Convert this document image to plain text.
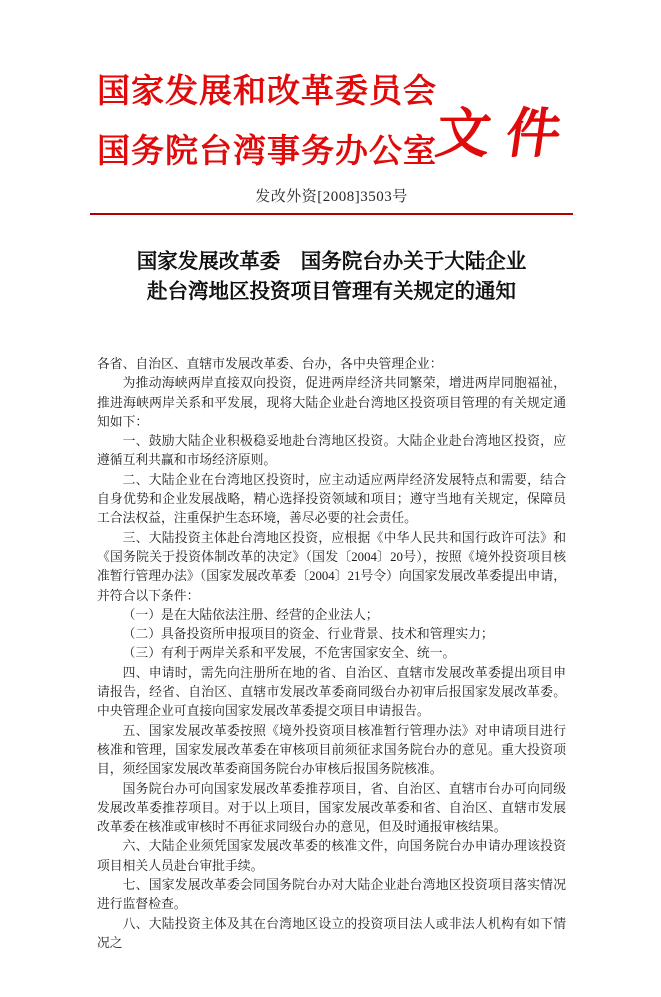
国家发展和改革委员会
国务院台湾事务办公室
文件
发改外资[2008]3503号
国家发展改革委　国务院台办关于大陆企业
赴台湾地区投资项目管理有关规定的通知

各省、自治区、直辖市发展改革委、台办，各中央管理企业：

为推动海峡两岸直接双向投资，促进两岸经济共同繁荣，增进两岸同胞福祉，推进海峡两岸关系和平发展，现将大陆企业赴台湾地区投资项目管理的有关规定通知如下：

一、鼓励大陆企业积极稳妥地赴台湾地区投资。大陆企业赴台湾地区投资，应遵循互利共赢和市场经济原则。

二、大陆企业在台湾地区投资时，应主动适应两岸经济发展特点和需要，结合自身优势和企业发展战略，精心选择投资领域和项目；遵守当地有关规定，保障员工合法权益，注重保护生态环境，善尽必要的社会责任。

三、大陆投资主体赴台湾地区投资，应根据《中华人民共和国行政许可法》和《国务院关于投资体制改革的决定》（国发〔2004〕20号），按照《境外投资项目核准暂行管理办法》（国家发展改革委〔2004〕21号令）向国家发展改革委提出申请，并符合以下条件：

（一）是在大陆依法注册、经营的企业法人；

（二）具备投资所申报项目的资金、行业背景、技术和管理实力；

（三）有利于两岸关系和平发展，不危害国家安全、统一。

四、申请时，需先向注册所在地的省、自治区、直辖市发展改革委提出项目申请报告，经省、自治区、直辖市发展改革委商同级台办初审后报国家发展改革委。中央管理企业可直接向国家发展改革委提交项目申请报告。

五、国家发展改革委按照《境外投资项目核准暂行管理办法》对申请项目进行核准和管理，国家发展改革委在审核项目前须征求国务院台办的意见。重大投资项目，须经国家发展改革委商国务院台办审核后报国务院核准。

国务院台办可向国家发展改革委推荐项目，省、自治区、直辖市台办可向同级发展改革委推荐项目。对于以上项目，国家发展改革委和省、自治区、直辖市发展改革委在核准或审核时不再征求同级台办的意见，但及时通报审核结果。

六、大陆企业须凭国家发展改革委的核准文件，向国务院台办申请办理该投资项目相关人员赴台审批手续。

七、国家发展改革委会同国务院台办对大陆企业赴台湾地区投资项目落实情况进行监督检查。

八、大陆投资主体及其在台湾地区设立的投资项目法人或非法人机构有如下情况之
